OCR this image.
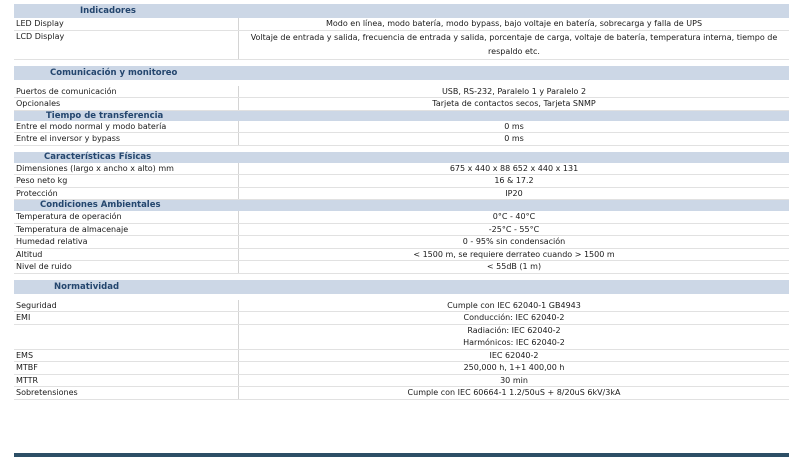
Indicadores
LED Display	Modo en línea, modo batería, modo bypass, bajo voltaje en batería, sobrecarga y falla de UPS
LCD Display	Voltaje de entrada y salida, frecuencia de entrada y salida, porcentaje de carga, voltaje de batería, temperatura interna, tiempo de respaldo etc.
Comunicación y monitoreo
Puertos de comunicación	USB, RS-232, Paralelo 1 y Paralelo 2
Opcionales	Tarjeta de contactos secos, Tarjeta SNMP
Tiempo de transferencia
Entre el modo normal y modo batería	0 ms
Entre el inversor y bypass	0 ms
Características Físicas
Dimensiones (largo x ancho x alto) mm	675 x 440 x 88 652 x 440 x 131
Peso neto kg	16 & 17.2
Protección	IP20
Condiciones Ambientales
Temperatura de operación	0°C - 40°C
Temperatura de almacenaje	-25°C - 55°C
Humedad relativa	0 - 95% sin condensación
Altitud	< 1500 m, se requiere derrateo cuando > 1500 m
Nivel de ruido	< 55dB (1 m)
Normatividad
Seguridad	Cumple con IEC 62040-1 GB4943
EMI	Conducción: IEC 62040-2
Radiación: IEC 62040-2
Harmónicos: IEC 62040-2
EMS	IEC 62040-2
MTBF	250,000 h, 1+1 400,00 h
MTTR	30 min
Sobretensiones	Cumple con IEC 60664-1 1.2/50uS + 8/20uS 6kV/3kA
